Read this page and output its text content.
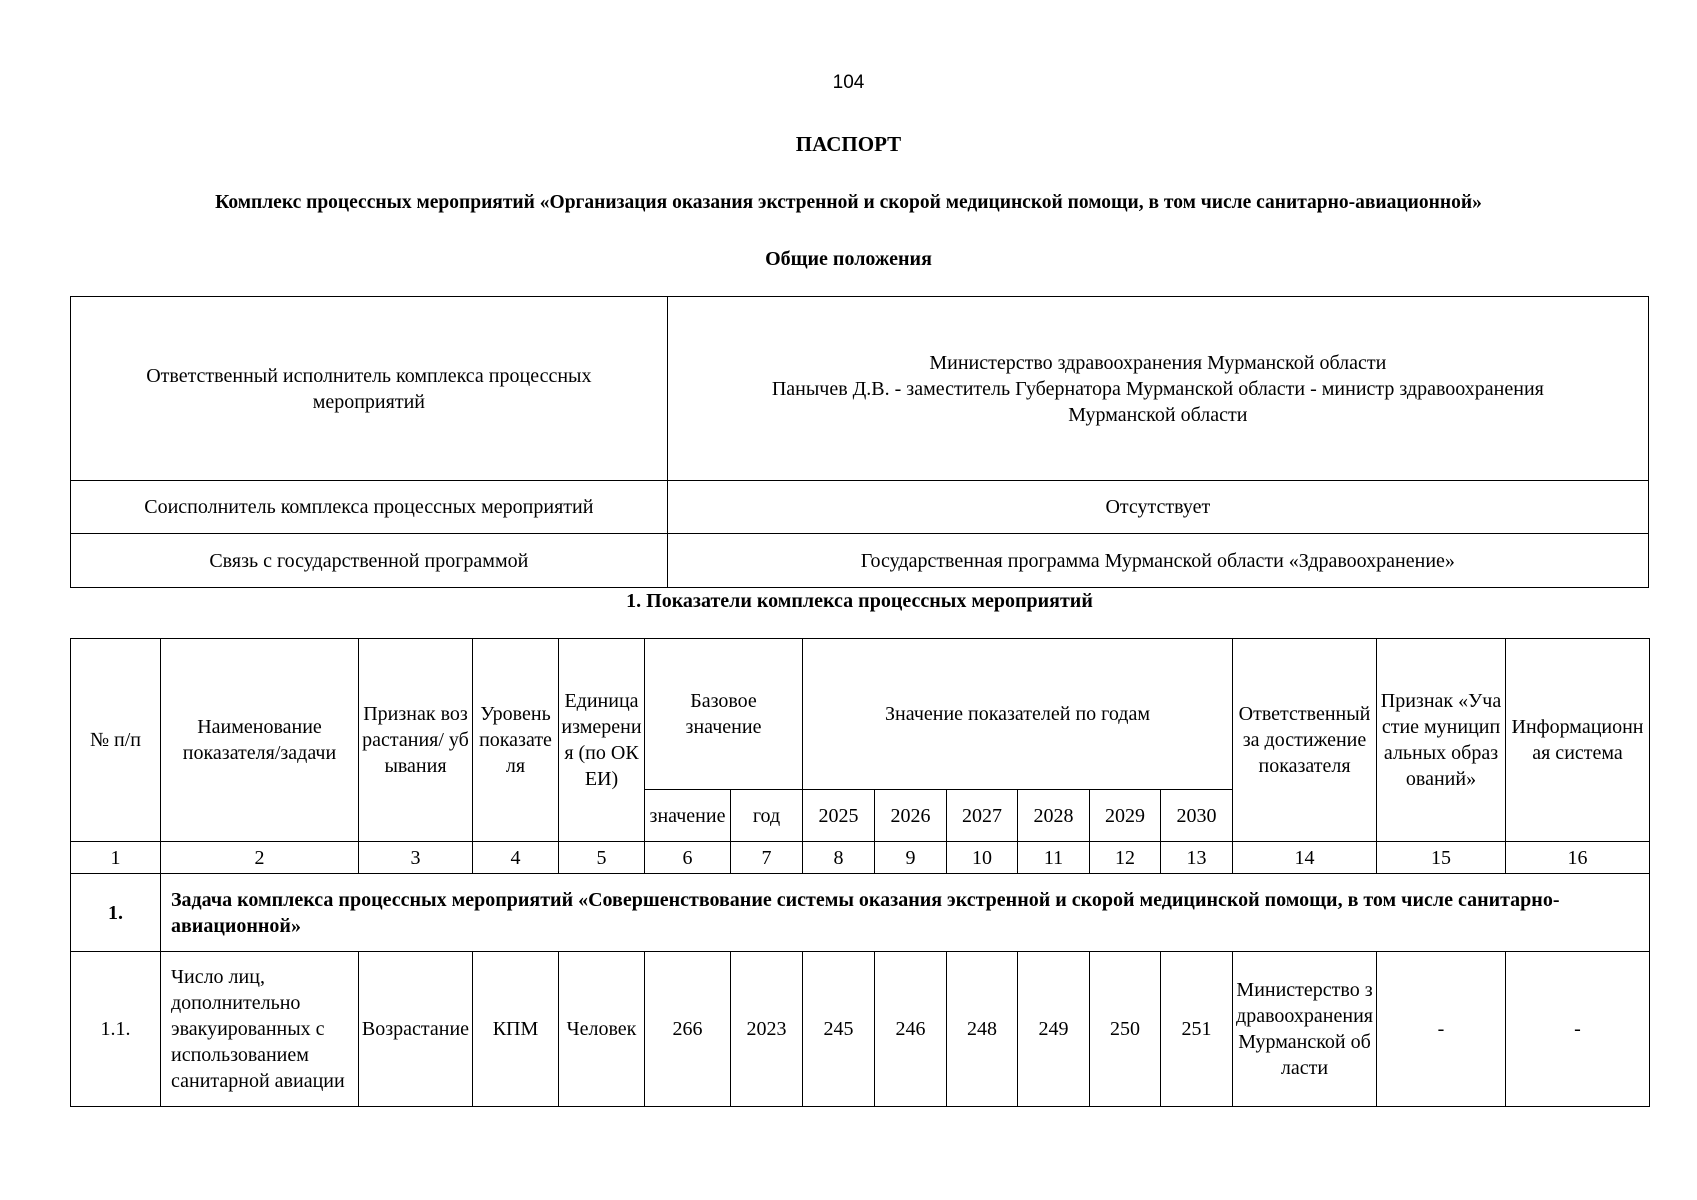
104
ПАСПОРТ
Комплекс процессных мероприятий «Организация оказания экстренной и скорой медицинской помощи, в том числе санитарно-авиационной»
Общие положения
Ответственный исполнитель комплекса процессных мероприятий	Министерство здравоохранения Мурманской области
Панычев Д.В. - заместитель Губернатора Мурманской области - министр здравоохранения
Мурманской области

Соисполнитель комплекса процессных мероприятий	Отсутствует
Связь с государственной программой	Государственная программа Мурманской области «Здравоохранение»
1. Показатели комплекса процессных мероприятий
№ п/п	Наименование показателя/задачи	Признак возрастания/ убывания	Уровень показателя	Единица измерения (по ОКЕИ)	Базовое значение		Значение показателей по годам						Ответственный за достижение показателя	Признак «Участие муниципальных образований»	Информационная система
					значение	год	2025	2026	2027	2028	2029	2030			
1	2	3	4	5	6	7	8	9	10	11	12	13	14	15	16
1.	Задача комплекса процессных мероприятий «Совершенствование системы оказания экстренной и скорой медицинской помощи, в том числе санитарно-авиационной»														
1.1.	Число лиц, дополнительно эвакуированных с использованием санитарной авиации	Возрастание	КПМ	Человек	266	2023	245	246	248	249	250	251	Министерство здравоохранения Мурманской области	-	-
